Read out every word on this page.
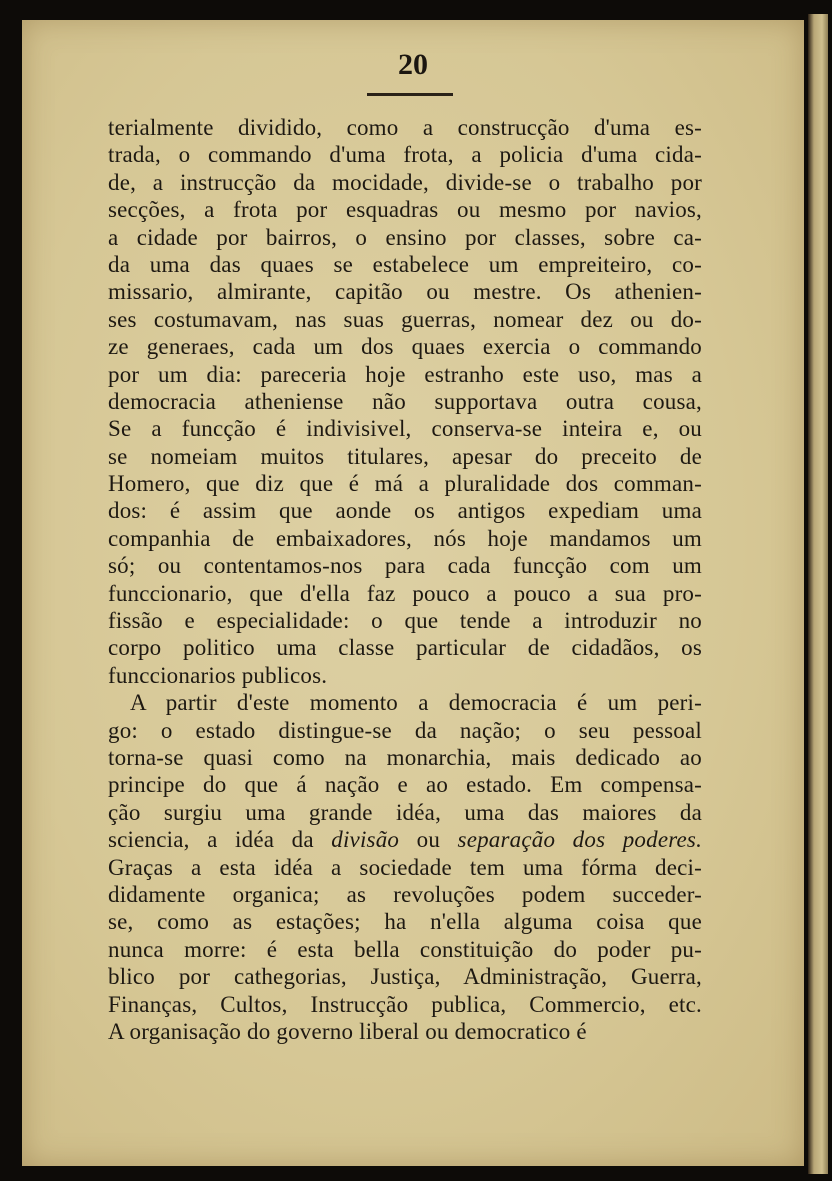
20
terialmente dividido, como a construcção d'uma es-
trada, o commando d'uma frota, a policia d'uma cida-
de, a instrucção da mocidade, divide-se o trabalho por
secções, a frota por esquadras ou mesmo por navios,
a cidade por bairros, o ensino por classes, sobre ca-
da uma das quaes se estabelece um empreiteiro, co-
missario, almirante, capitão ou mestre. Os athenien-
ses costumavam, nas suas guerras, nomear dez ou do-
ze generaes, cada um dos quaes exercia o commando
por um dia: pareceria hoje estranho este uso, mas a
democracia atheniense não supportava outra cousa,
Se a funcção é indivisivel, conserva-se inteira e, ou
se nomeiam muitos titulares, apesar do preceito de
Homero, que diz que é má a pluralidade dos comman-
dos: é assim que aonde os antigos expediam uma
companhia de embaixadores, nós hoje mandamos um
só; ou contentamos-nos para cada funcção com um
funccionario, que d'ella faz pouco a pouco a sua pro-
fissão e especialidade: o que tende a introduzir no
corpo politico uma classe particular de cidadãos, os
funccionarios publicos.
A partir d'este momento a democracia é um peri-
go: o estado distingue-se da nação; o seu pessoal
torna-se quasi como na monarchia, mais dedicado ao
principe do que á nação e ao estado. Em compensa-
ção surgiu uma grande idéa, uma das maiores da
sciencia, a idéa da divisão ou separação dos poderes.
Graças a esta idéa a sociedade tem uma fórma deci-
didamente organica; as revoluções podem succeder-
se, como as estações; ha n'ella alguma coisa que
nunca morre: é esta bella constituição do poder pu-
blico por cathegorias, Justiça, Administração, Guerra,
Finanças, Cultos, Instrucção publica, Commercio, etc.
A organisação do governo liberal ou democratico é
